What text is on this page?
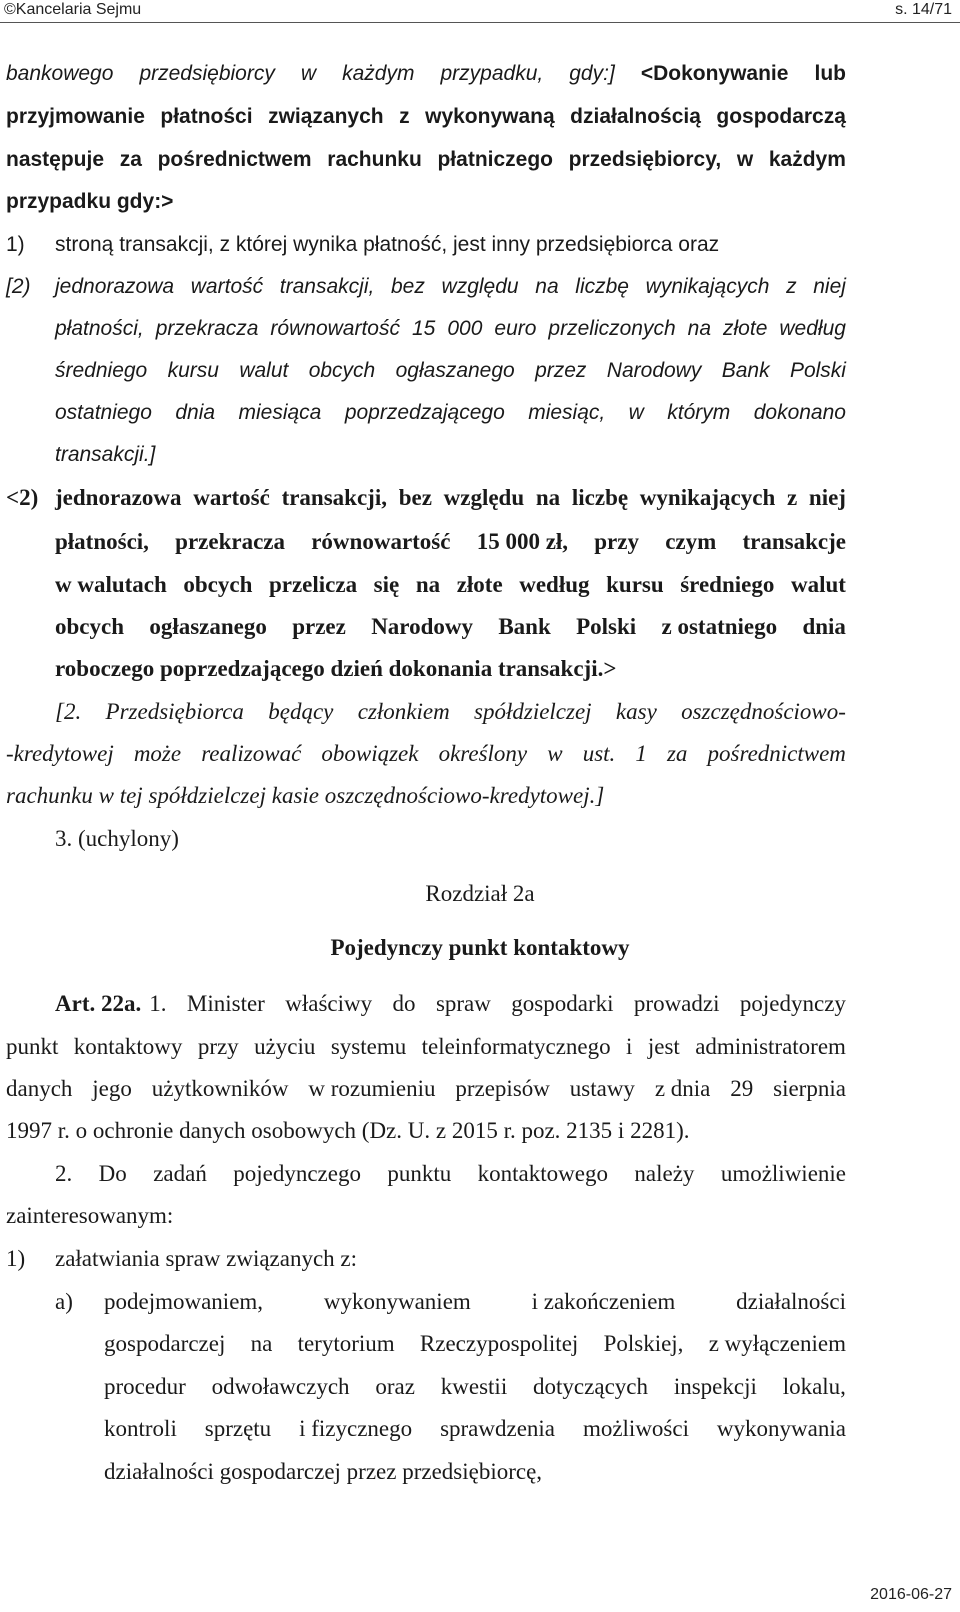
©Kancelaria Sejmu	s. 14/71
bankowego przedsiębiorcy w każdym przypadku, gdy:] <Dokonywanie lub
przyjmowanie płatności związanych z wykonywaną działalnością gospodarczą
następuje za pośrednictwem rachunku płatniczego przedsiębiorcy, w każdym
przypadku gdy:>
1) stroną transakcji, z której wynika płatność, jest inny przedsiębiorca oraz
[2) jednorazowa wartość transakcji, bez względu na liczbę wynikających z niej
płatności, przekracza równowartość 15 000 euro przeliczonych na złote według
średniego kursu walut obcych ogłaszanego przez Narodowy Bank Polski
ostatniego dnia miesiąca poprzedzającego miesiąc, w którym dokonano
transakcji.]
<2) jednorazowa wartość transakcji, bez względu na liczbę wynikających z niej
płatności, przekracza równowartość 15 000 zł, przy czym transakcje
w walutach obcych przelicza się na złote według kursu średniego walut
obcych ogłaszanego przez Narodowy Bank Polski z ostatniego dnia
roboczego poprzedzającego dzień dokonania transakcji.>
[2. Przedsiębiorca będący członkiem spółdzielczej kasy oszczędnościowo-
-kredytowej może realizować obowiązek określony w ust. 1 za pośrednictwem
rachunku w tej spółdzielczej kasie oszczędnościowo-kredytowej.]
3. (uchylony)
Rozdział 2a
Pojedynczy punkt kontaktowy
Art. 22a. 1. Minister właściwy do spraw gospodarki prowadzi pojedynczy
punkt kontaktowy przy użyciu systemu teleinformatycznego i jest administratorem
danych jego użytkowników w rozumieniu przepisów ustawy z dnia 29 sierpnia
1997 r. o ochronie danych osobowych (Dz. U. z 2015 r. poz. 2135 i 2281).
2. Do zadań pojedynczego punktu kontaktowego należy umożliwienie
zainteresowanym:
1) załatwiania spraw związanych z:
a) podejmowaniem,	wykonywaniem	i zakończeniem	działalności
gospodarczej na terytorium Rzeczypospolitej Polskiej, z wyłączeniem
procedur odwoławczych oraz kwestii dotyczących inspekcji lokalu,
kontroli sprzętu i fizycznego sprawdzenia możliwości wykonywania
działalności gospodarczej przez przedsiębiorcę,
2016-06-27
